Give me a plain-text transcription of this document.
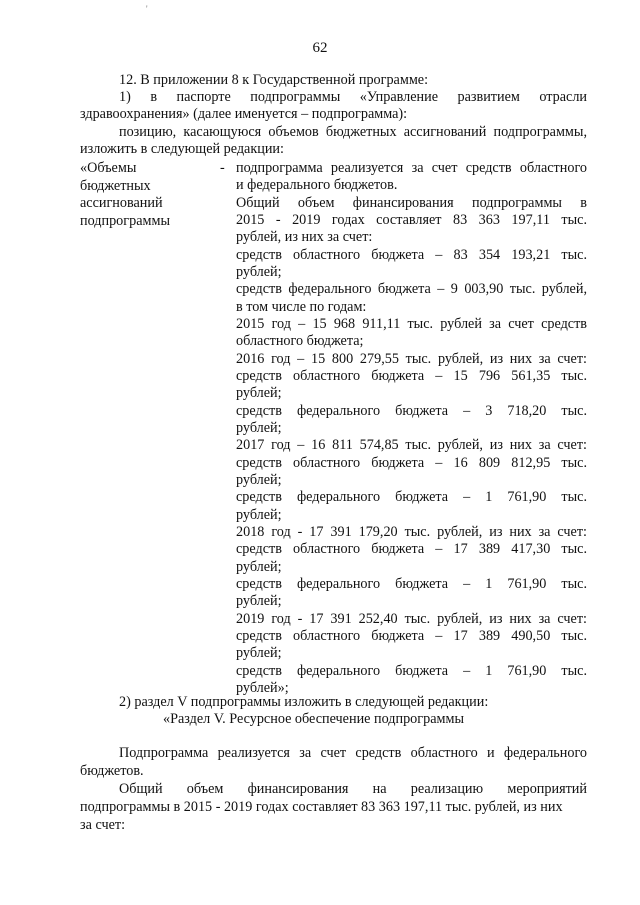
'
62
12. В приложении 8 к Государственной программе:
1) в паспорте подпрограммы «Управление развитием отрасли
здравоохранения» (далее именуется – подпрограмма):
позицию, касающуюся объемов бюджетных ассигнований подпрограммы,
изложить в следующей редакции:
«Объемы
бюджетных
ассигнований
подпрограммы
- подпрограмма реализуется за счет средств областного
и федерального бюджетов.
Общий объем финансирования подпрограммы в
2015 - 2019 годах составляет 83 363 197,11 тыс.
рублей, из них за счет:
средств областного бюджета – 83 354 193,21 тыс.
рублей;
средств федерального бюджета – 9 003,90 тыс. рублей,
в том числе по годам:
2015 год – 15 968 911,11 тыс. рублей за счет средств
областного бюджета;
2016 год – 15 800 279,55 тыс. рублей, из них за счет:
средств областного бюджета – 15 796 561,35 тыс.
рублей;
средств федерального бюджета – 3 718,20 тыс.
рублей;
2017 год – 16 811 574,85 тыс. рублей, из них за счет:
средств областного бюджета – 16 809 812,95 тыс.
рублей;
средств федерального бюджета – 1 761,90 тыс.
рублей;
2018 год - 17 391 179,20 тыс. рублей, из них за счет:
средств областного бюджета – 17 389 417,30 тыс.
рублей;
средств федерального бюджета – 1 761,90 тыс.
рублей;
2019 год - 17 391 252,40 тыс. рублей, из них за счет:
средств областного бюджета – 17 389 490,50 тыс.
рублей;
средств федерального бюджета – 1 761,90 тыс.
рублей»;
2) раздел V подпрограммы изложить в следующей редакции:
«Раздел V. Ресурсное обеспечение подпрограммы
Подпрограмма реализуется за счет средств областного и федерального
бюджетов.
Общий объем финансирования на реализацию мероприятий
подпрограммы в 2015 - 2019 годах составляет 83 363 197,11 тыс. рублей, из них
за счет:
